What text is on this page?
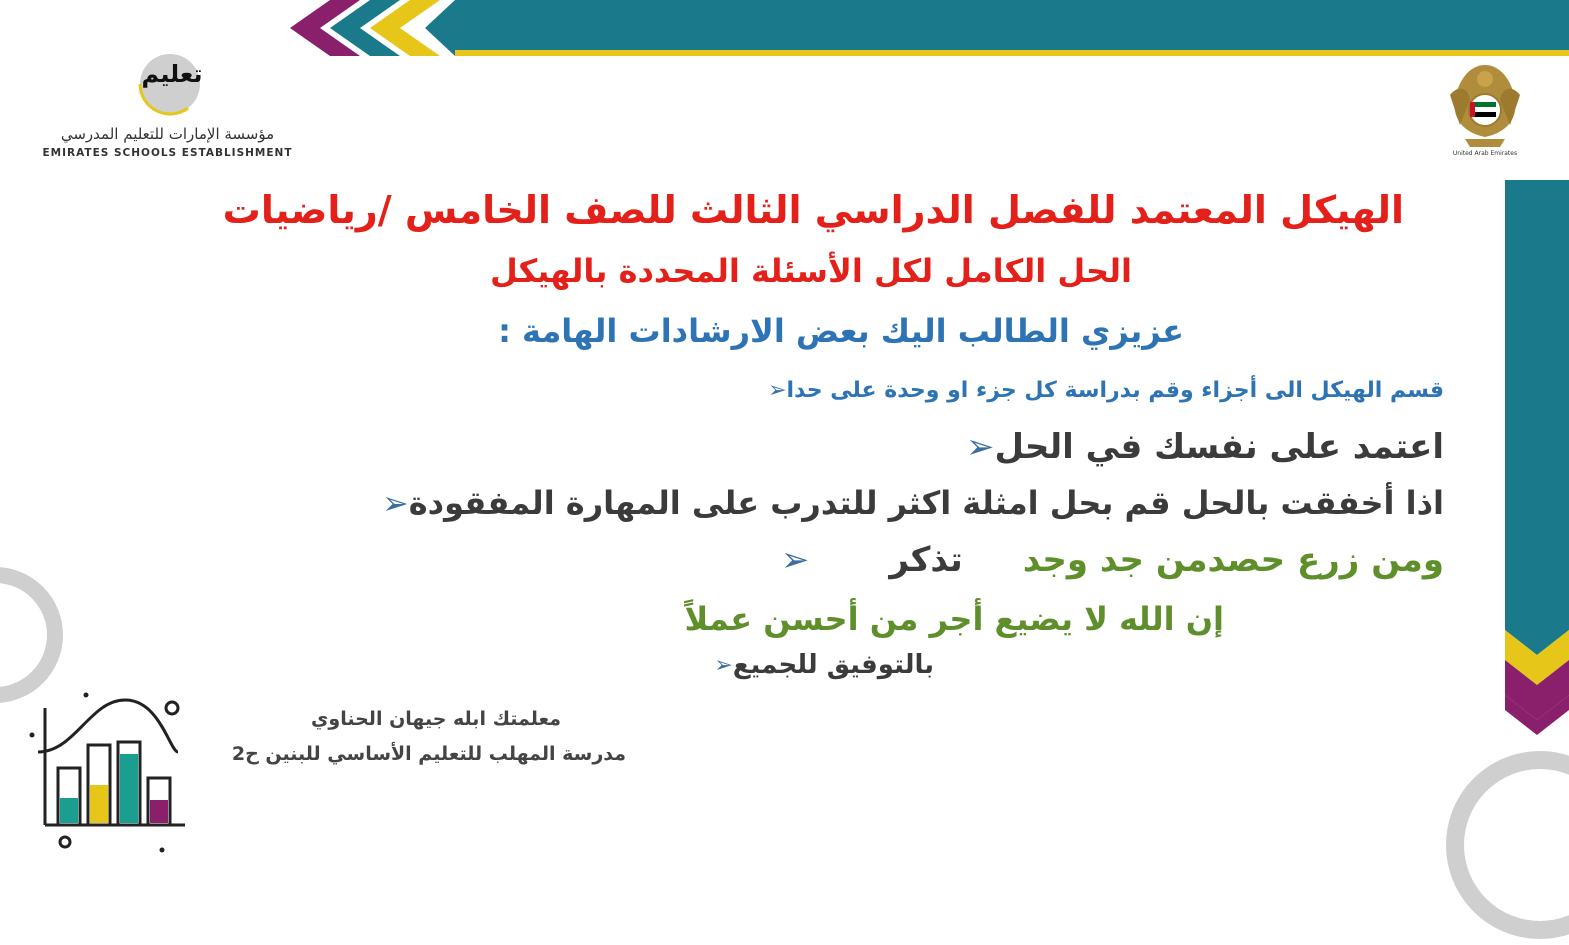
United Arab Emirates
تعليم
مؤسسة الإمارات للتعليم المدرسي
EMIRATES SCHOOLS ESTABLISHMENT
الهيكل المعتمد للفصل الدراسي الثالث للصف الخامس /رياضيات
الحل الكامل لكل الأسئلة المحددة بالهيكل
عزيزي الطالب اليك بعض الارشادات الهامة :
➢ قسم الهيكل الى أجزاء وقم بدراسة كل جزء او وحدة على حدا
➢ اعتمد على نفسك في الحل
➢ اذا أخفقت بالحل قم بحل امثلة اكثر للتدرب على المهارة المفقودة
➢ تذكر من جد وجد ومن زرع حصد
إن الله لا يضيع أجر من أحسن عملاً
➢ بالتوفيق للجميع
معلمتك ابله جيهان الحناوي
مدرسة المهلب للتعليم الأساسي للبنين ح2
